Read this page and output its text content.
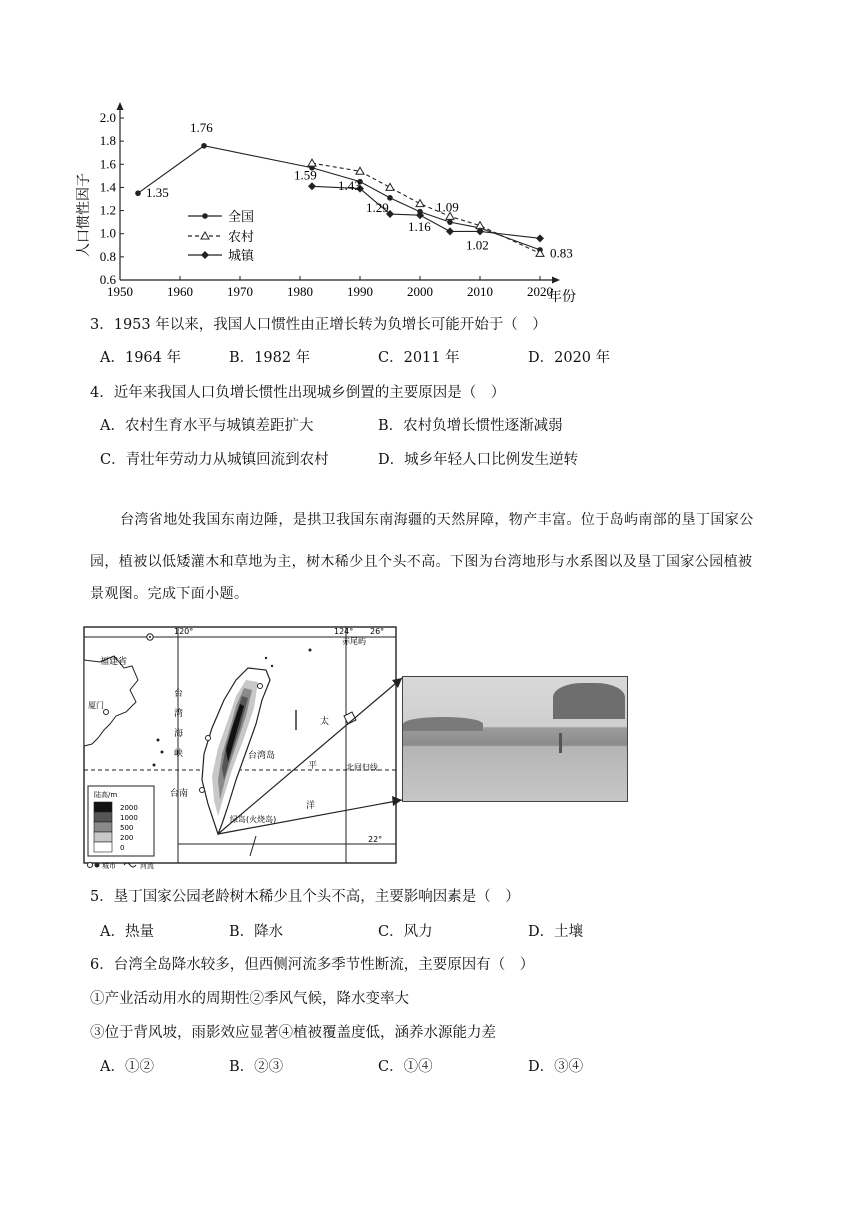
1950	1960	1970	1980	1990	2000	2010	2020
0.6
0.8
1.0
1.2
1.4
1.6
1.8
2.0
1.76
1.35
1.59
1.43
1.29	1.09
1.16
1.02
0.83
人口惯性因子
年份
全国
农村
城镇
3．1953 年以来，我国人口惯性由正增长转为负增长可能开始于（　）
A．1964 年	B．1982 年	C．2011 年	D．2020 年
4．近年来我国人口负增长惯性出现城乡倒置的主要原因是（　）
A．农村生育水平与城镇差距扩大	B．农村负增长惯性逐渐减弱
C．青壮年劳动力从城镇回流到农村	D．城乡年轻人口比例发生逆转
台湾省地处我国东南边陲，是拱卫我国东南海疆的天然屏障，物产丰富。位于岛屿南部的垦丁国家公
园，植被以低矮灌木和草地为主，树木稀少且个头不高。下图为台湾地形与水系图以及垦丁国家公园植被
景观图。完成下面小题。
120°	124° 26°
22°
赤尾屿
福建省
厦门
台
湾
海
峡	台湾岛
台南
太
平
洋
北回归线
绿岛(火烧岛)
陆高/m
2000
1000
500
200
0
城市	河流
5．垦丁国家公园老龄树木稀少且个头不高，主要影响因素是（　）
A．热量	B．降水	C．风力	D．土壤
6．台湾全岛降水较多，但西侧河流多季节性断流，主要原因有（　）
①产业活动用水的周期性②季风气候，降水变率大
③位于背风坡，雨影效应显著④植被覆盖度低，涵养水源能力差
A．①②	B．②③	C．①④	D．③④
